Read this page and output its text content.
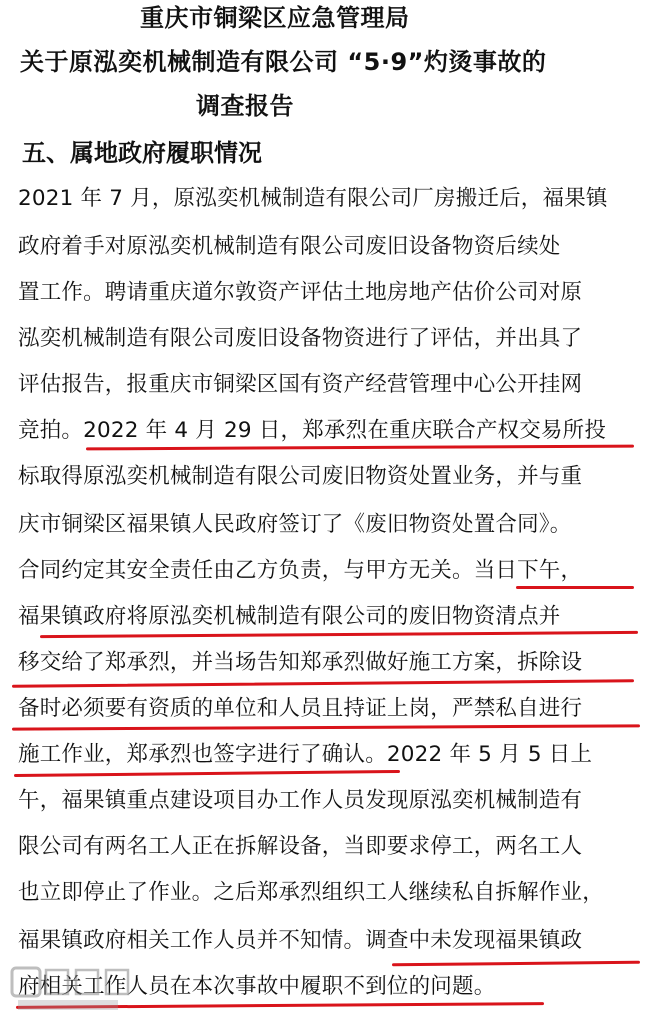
重庆市铜梁区应急管理局
关于原泓奕机械制造有限公司 “5·9”灼烫事故的
调查报告
五、属地政府履职情况
2021 年 7 月，原泓奕机械制造有限公司厂房搬迁后，福果镇
政府着手对原泓奕机械制造有限公司废旧设备物资后续处
置工作。聘请重庆道尔敦资产评估土地房地产估价公司对原
泓奕机械制造有限公司废旧设备物资进行了评估，并出具了
评估报告，报重庆市铜梁区国有资产经营管理中心公开挂网
竞拍。2022 年 4 月 29 日，郑承烈在重庆联合产权交易所投
标取得原泓奕机械制造有限公司废旧物资处置业务，并与重
庆市铜梁区福果镇人民政府签订了《废旧物资处置合同》。
合同约定其安全责任由乙方负责，与甲方无关。当日下午，
福果镇政府将原泓奕机械制造有限公司的废旧物资清点并
移交给了郑承烈，并当场告知郑承烈做好施工方案，拆除设
备时必须要有资质的单位和人员且持证上岗，严禁私自进行
施工作业，郑承烈也签字进行了确认。2022 年 5 月 5 日上
午，福果镇重点建设项目办工作人员发现原泓奕机械制造有
限公司有两名工人正在拆解设备，当即要求停工，两名工人
也立即停止了作业。之后郑承烈组织工人继续私自拆解作业，
福果镇政府相关工作人员并不知情。调查中未发现福果镇政
府相关工作人员在本次事故中履职不到位的问题。
